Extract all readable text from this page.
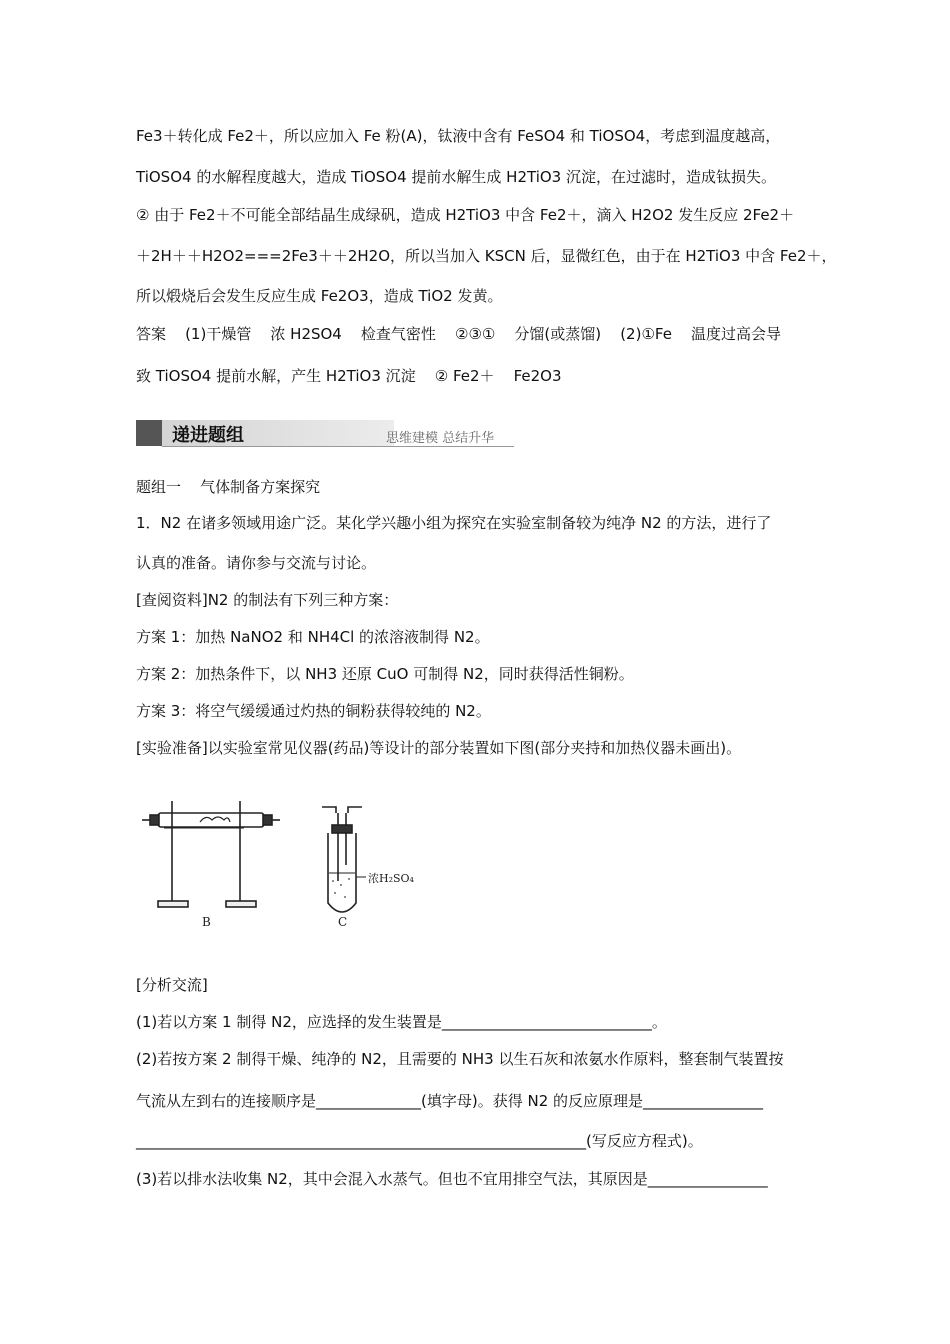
Fe3＋转化成 Fe2＋，所以应加入 Fe 粉(A)，钛液中含有 FeSO4 和 TiOSO4，考虑到温度越高，
TiOSO4 的水解程度越大，造成 TiOSO4 提前水解生成 H2TiO3 沉淀，在过滤时，造成钛损失。
② 由于 Fe2＋不可能全部结晶生成绿矾，造成 H2TiO3 中含 Fe2＋，滴入 H2O2 发生反应 2Fe2＋
＋2H＋＋H2O2===2Fe3＋＋2H2O，所以当加入 KSCN 后，显微红色，由于在 H2TiO3 中含 Fe2＋，
所以煅烧后会发生反应生成 Fe2O3，造成 TiO2 发黄。
答案    (1)干燥管    浓 H2SO4    检查气密性    ②③①    分馏(或蒸馏)    (2)①Fe    温度过高会导
致 TiOSO4 提前水解，产生 H2TiO3 沉淀    ② Fe2＋    Fe2O3
递进题组	思维建模 总结升华
题组一    气体制备方案探究
1．N2 在诸多领域用途广泛。某化学兴趣小组为探究在实验室制备较为纯净 N2 的方法，进行了
认真的准备。请你参与交流与讨论。
[查阅资料]N2 的制法有下列三种方案：
方案 1：加热 NaNO2 和 NH4Cl 的浓溶液制得 N2。
方案 2：加热条件下，以 NH3 还原 CuO 可制得 N2，同时获得活性铜粉。
方案 3：将空气缓缓通过灼热的铜粉获得较纯的 N2。
[实验准备]以实验室常见仪器(药品)等设计的部分装置如下图(部分夹持和加热仪器未画出)。
浓H₂SO₄
B	C
[分析交流]
(1)若以方案 1 制得 N2，应选择的发生装置是____________________________。
(2)若按方案 2 制得干燥、纯净的 N2，且需要的 NH3 以生石灰和浓氨水作原料，整套制气装置按
气流从左到右的连接顺序是______________(填字母)。获得 N2 的反应原理是________________
____________________________________________________________(写反应方程式)。
(3)若以排水法收集 N2，其中会混入水蒸气。但也不宜用排空气法，其原因是________________
